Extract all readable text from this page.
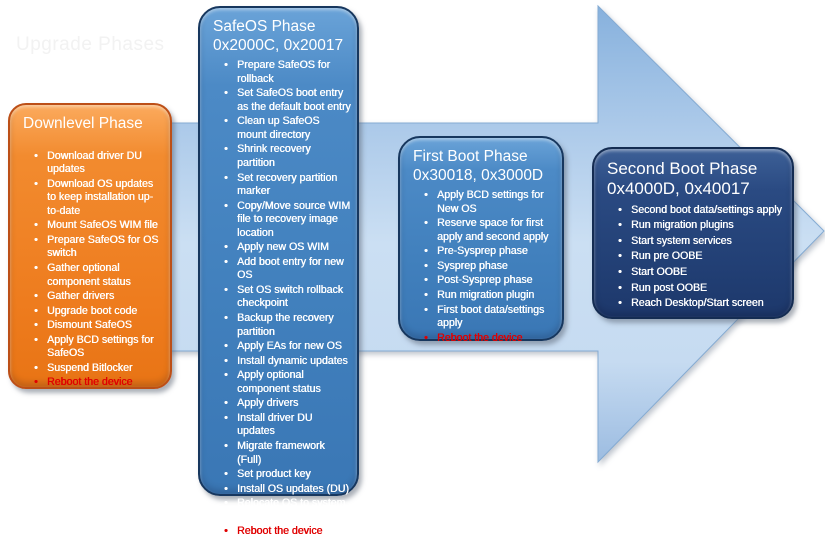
Upgrade Phases
Downlevel Phase
• Download driver DU updates
• Download OS updates to keep installation up-to-date
• Mount SafeOS WIM file
• Prepare SafeOS for OS switch
• Gather optional component status
• Gather drivers
• Upgrade boot code
• Dismount SafeOS
• Apply BCD settings for SafeOS
• Suspend Bitlocker
• Reboot the device
SafeOS Phase
0x2000C, 0x20017
• Prepare SafeOS for rollback
• Set SafeOS boot entry as the default boot entry
• Clean up SafeOS mount directory
• Shrink recovery partition
• Set recovery partition marker
• Copy/Move source WIM file to recovery image location
• Apply new OS WIM
• Add boot entry for new OS
• Set OS switch rollback checkpoint
• Backup the recovery partition
• Apply EAs for new OS
• Install dynamic updates
• Apply optional component status
• Apply drivers
• Install driver DU updates
• Migrate framework (Full)
• Set product key
• Install OS updates (DU)
• Relocate OS to system drive root
• Reboot the device
First Boot Phase
0x30018, 0x3000D
• Apply BCD settings for New OS
• Reserve space for first apply and second apply
• Pre-Sysprep phase
• Sysprep phase
• Post-Sysprep phase
• Run migration plugin
• First boot data/settings apply
• Reboot the device
Second Boot Phase
0x4000D, 0x40017
• Second boot data/settings apply
• Run migration plugins
• Start system services
• Run pre OOBE
• Start OOBE
• Run post OOBE
• Reach Desktop/Start screen
